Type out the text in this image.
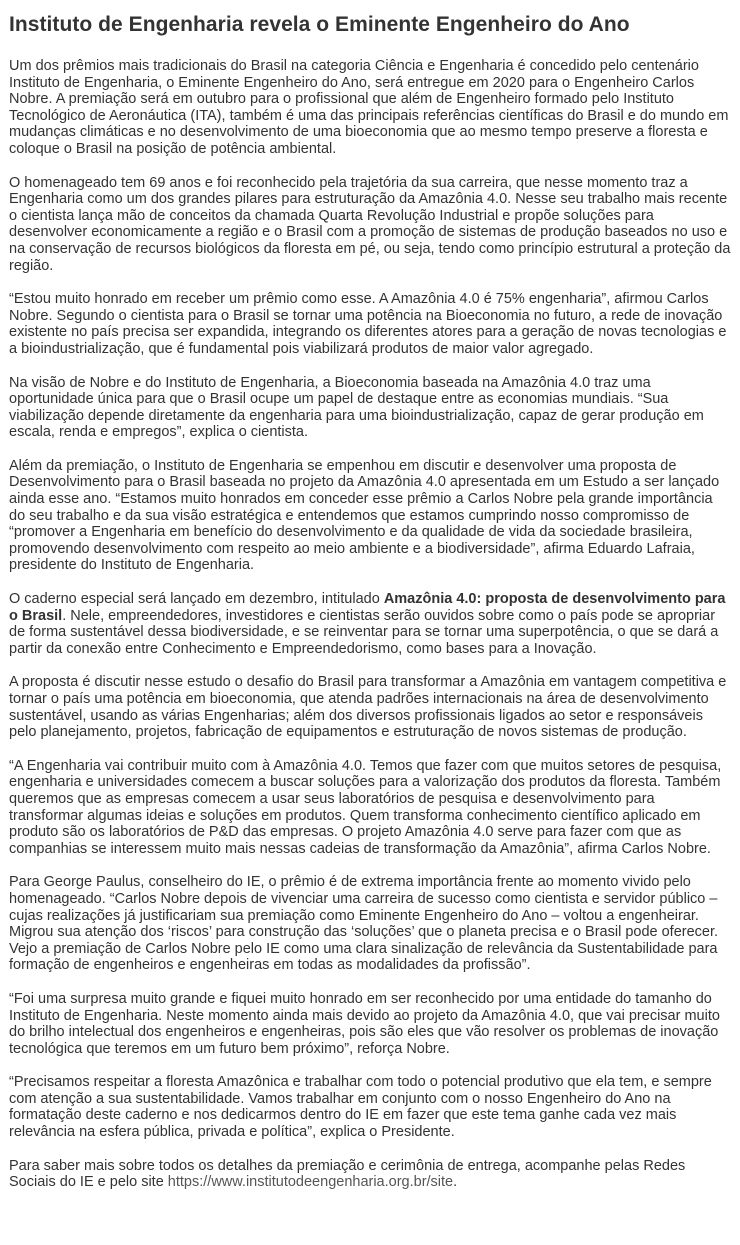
Instituto de Engenharia revela o Eminente Engenheiro do Ano

Um dos prêmios mais tradicionais do Brasil na categoria Ciência e Engenharia é concedido pelo centenário Instituto de Engenharia, o Eminente Engenheiro do Ano, será entregue em 2020 para o Engenheiro Carlos Nobre. A premiação será em outubro para o profissional que além de Engenheiro formado pelo Instituto Tecnológico de Aeronáutica (ITA), também é uma das principais referências científicas do Brasil e do mundo em mudanças climáticas e no desenvolvimento de uma bioeconomia que ao mesmo tempo preserve a floresta e coloque o Brasil na posição de potência ambiental.

O homenageado tem 69 anos e foi reconhecido pela trajetória da sua carreira, que nesse momento traz a Engenharia como um dos grandes pilares para estruturação da Amazônia 4.0. Nesse seu trabalho mais recente o cientista lança mão de conceitos da chamada Quarta Revolução Industrial e propõe soluções para desenvolver economicamente a região e o Brasil com a promoção de sistemas de produção baseados no uso e na conservação de recursos biológicos da floresta em pé, ou seja, tendo como princípio estrutural a proteção da região.

“Estou muito honrado em receber um prêmio como esse. A Amazônia 4.0 é 75% engenharia”, afirmou Carlos Nobre. Segundo o cientista para o Brasil se tornar uma potência na Bioeconomia no futuro, a rede de inovação existente no país precisa ser expandida, integrando os diferentes atores para a geração de novas tecnologias e a bioindustrialização, que é fundamental pois viabilizará produtos de maior valor agregado.

Na visão de Nobre e do Instituto de Engenharia, a Bioeconomia baseada na Amazônia 4.0 traz uma oportunidade única para que o Brasil ocupe um papel de destaque entre as economias mundiais. “Sua viabilização depende diretamente da engenharia para uma bioindustrialização, capaz de gerar produção em escala, renda e empregos”, explica o cientista.

Além da premiação, o Instituto de Engenharia se empenhou em discutir e desenvolver uma proposta de Desenvolvimento para o Brasil baseada no projeto da Amazônia 4.0 apresentada em um Estudo a ser lançado ainda esse ano. “Estamos muito honrados em conceder esse prêmio a Carlos Nobre pela grande importância do seu trabalho e da sua visão estratégica e entendemos que estamos cumprindo nosso compromisso de “promover a Engenharia em benefício do desenvolvimento e da qualidade de vida da sociedade brasileira, promovendo desenvolvimento com respeito ao meio ambiente e a biodiversidade”, afirma Eduardo Lafraia, presidente do Instituto de Engenharia.

O caderno especial será lançado em dezembro, intitulado Amazônia 4.0: proposta de desenvolvimento para o Brasil. Nele, empreendedores, investidores e cientistas serão ouvidos sobre como o país pode se apropriar de forma sustentável dessa biodiversidade, e se reinventar para se tornar uma superpotência, o que se dará a partir da conexão entre Conhecimento e Empreendedorismo, como bases para a Inovação.

A proposta é discutir nesse estudo o desafio do Brasil para transformar a Amazônia em vantagem competitiva e tornar o país uma potência em bioeconomia, que atenda padrões internacionais na área de desenvolvimento sustentável, usando as várias Engenharias; além dos diversos profissionais ligados ao setor e responsáveis pelo planejamento, projetos, fabricação de equipamentos e estruturação de novos sistemas de produção.

“A Engenharia vai contribuir muito com à Amazônia 4.0. Temos que fazer com que muitos setores de pesquisa, engenharia e universidades comecem a buscar soluções para a valorização dos produtos da floresta. Também queremos que as empresas comecem a usar seus laboratórios de pesquisa e desenvolvimento para transformar algumas ideias e soluções em produtos. Quem transforma conhecimento científico aplicado em produto são os laboratórios de P&D das empresas. O projeto Amazônia 4.0 serve para fazer com que as companhias se interessem muito mais nessas cadeias de transformação da Amazônia”, afirma Carlos Nobre.

Para George Paulus, conselheiro do IE, o prêmio é de extrema importância frente ao momento vivido pelo homenageado. “Carlos Nobre depois de vivenciar uma carreira de sucesso como cientista e servidor público – cujas realizações já justificariam sua premiação como Eminente Engenheiro do Ano – voltou a engenheirar. Migrou sua atenção dos ‘riscos’ para construção das ‘soluções’ que o planeta precisa e o Brasil pode oferecer. Vejo a premiação de Carlos Nobre pelo IE como uma clara sinalização de relevância da Sustentabilidade para formação de engenheiros e engenheiras em todas as modalidades da profissão”.

“Foi uma surpresa muito grande e fiquei muito honrado em ser reconhecido por uma entidade do tamanho do Instituto de Engenharia. Neste momento ainda mais devido ao projeto da Amazônia 4.0, que vai precisar muito do brilho intelectual dos engenheiros e engenheiras, pois são eles que vão resolver os problemas de inovação tecnológica que teremos em um futuro bem próximo”, reforça Nobre.

“Precisamos respeitar a floresta Amazônica e trabalhar com todo o potencial produtivo que ela tem, e sempre com atenção a sua sustentabilidade. Vamos trabalhar em conjunto com o nosso Engenheiro do Ano na formatação deste caderno e nos dedicarmos dentro do IE em fazer que este tema ganhe cada vez mais relevância na esfera pública, privada e política”, explica o Presidente.

Para saber mais sobre todos os detalhes da premiação e cerimônia de entrega, acompanhe pelas Redes Sociais do IE e pelo site https://www.institutodeengenharia.org.br/site.
